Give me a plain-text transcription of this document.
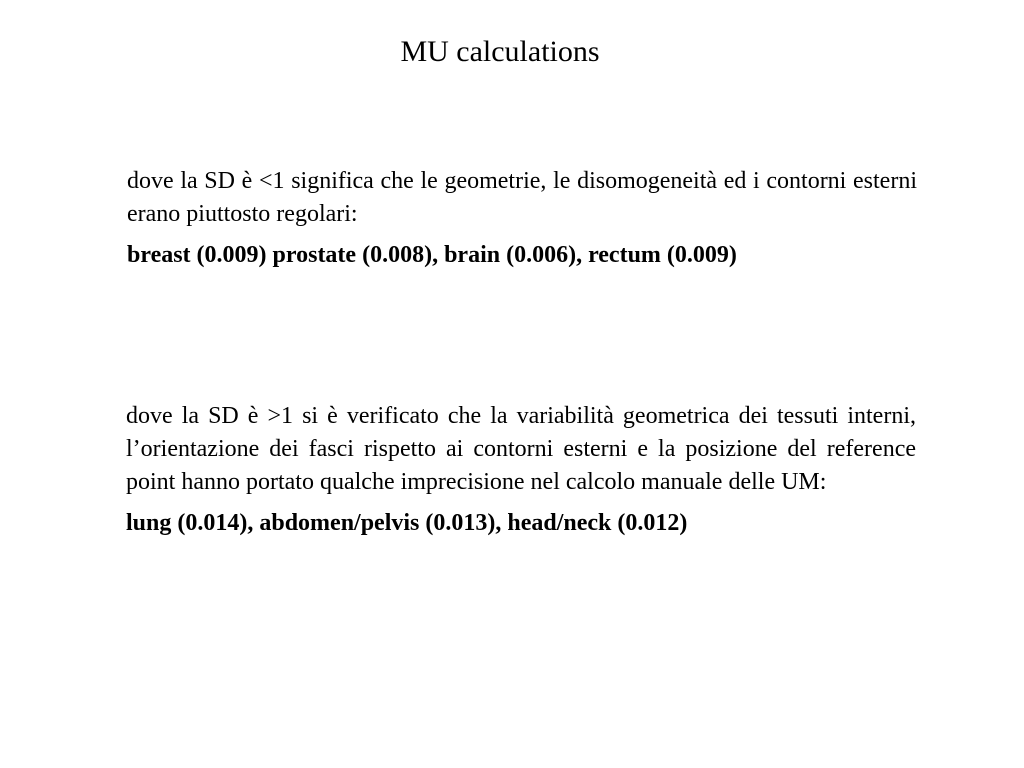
MU calculations

dove la SD è <1 significa che le geometrie, le disomogeneità ed i contorni esterni erano piuttosto regolari:

breast (0.009) prostate (0.008), brain (0.006), rectum (0.009)

dove la SD è >1 si è verificato che la variabilità geometrica dei tessuti interni, l’orientazione dei fasci rispetto ai contorni esterni e la posizione del reference point hanno portato qualche imprecisione nel calcolo manuale delle UM:

lung (0.014), abdomen/pelvis (0.013), head/neck (0.012)
